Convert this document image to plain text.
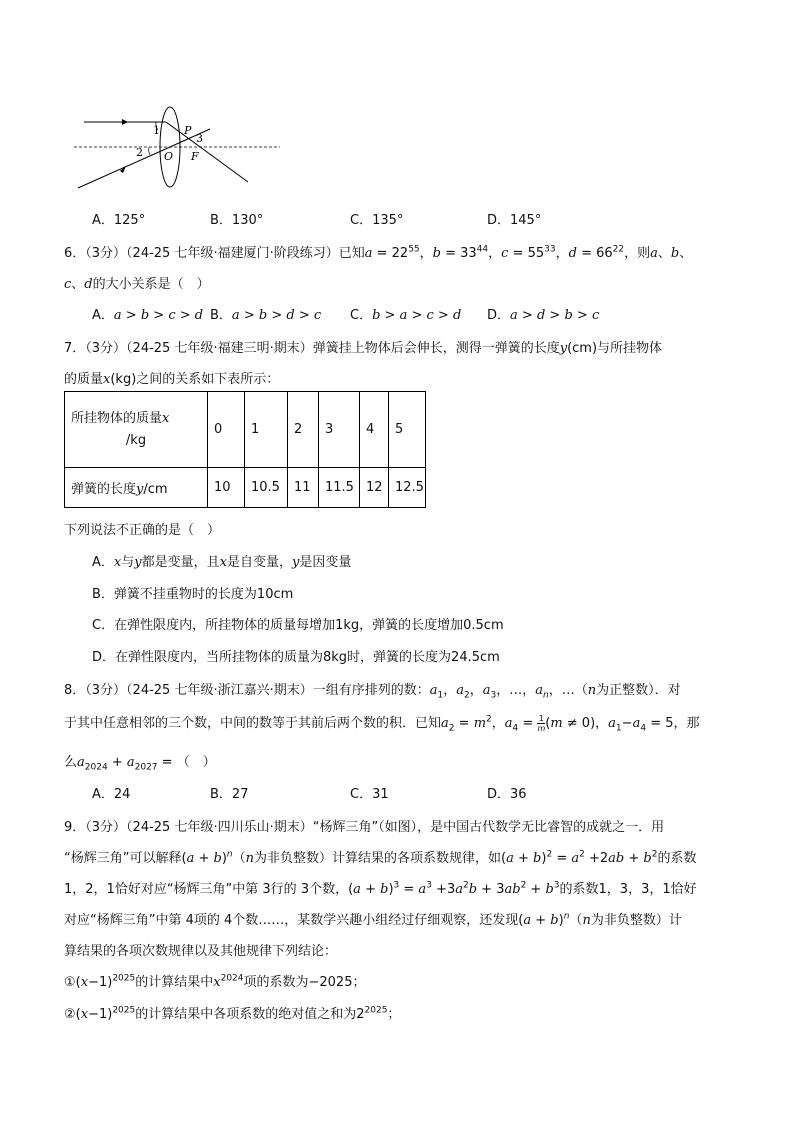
1
2
3
P
O F
A．125°	B．130°	C．135°	D．145°
6．（3分）（24-25 七年级·福建厦门·阶段练习）已知$a = 22^{55}$，$b = 33^{44}$，$c = 55^{33}$，$d = 66^{22}$，则a、b、
c、d的大小关系是（　）
A．a > b > c > d B．a > b > d > c C．b > a > c > d D．a > d > b > c
7．（3分）（24-25 七年级·福建三明·期末）弹簧挂上物体后会伸长，测得一弹簧的长度y(cm)与所挂物体
的质量x(kg)之间的关系如下表所示：
所挂物体的质量x
/kg	0	1	2	3	4	5
弹簧的长度y/cm	10	10.5	11	11.5	12	12.5
下列说法不正确的是（　）
A．x与y都是变量，且x是自变量，y是因变量
B．弹簧不挂重物时的长度为10cm
C．在弹性限度内，所挂物体的质量每增加1kg，弹簧的长度增加0.5cm
D．在弹性限度内，当所挂物体的质量为8kg时，弹簧的长度为24.5cm
8．（3分）（24-25 七年级·浙江嘉兴·期末）一组有序排列的数：$a_1$，$a_2$，$a_3$，…，$a_n$，…（n为正整数）．对
于其中任意相邻的三个数，中间的数等于其前后两个数的积．已知$a_2 = m^2$，$a_4 = \frac{1}{m} (m \ne 0)$，$a_1-a_4 = 5$，那
么$a_{2024} + a_{2027}$ = （　）
A．24	B．27	C．31	D．36
9．（3分）（24-25 七年级·四川乐山·期末）“杨辉三角”（如图），是中国古代数学无比睿智的成就之一．用
“杨辉三角”可以解释$(a + b)^n(n$为非负整数）计算结果的各项系数规律，如$(a + b)^2 = a^2 +2ab + b^2$的系数
1，2，1恰好对应“杨辉三角”中第 3行的 3个数，$(a + b)^3 = a^3 +3a^2b + 3ab^2 + b^3$的系数1，3，3，1恰好
对应“杨辉三角”中第 4项的 4个数……，某数学兴趣小组经过仔细观察，还发现$(a + b)^n(n$为非负整数）计
算结果的各项次数规律以及其他规律下列结论：
$①(x-1)^{2025}$的计算结果中$x^{2024}$项的系数为−2025；
$②(x-1)^{2025}$的计算结果中各项系数的绝对值之和为$2^{2025}$；
